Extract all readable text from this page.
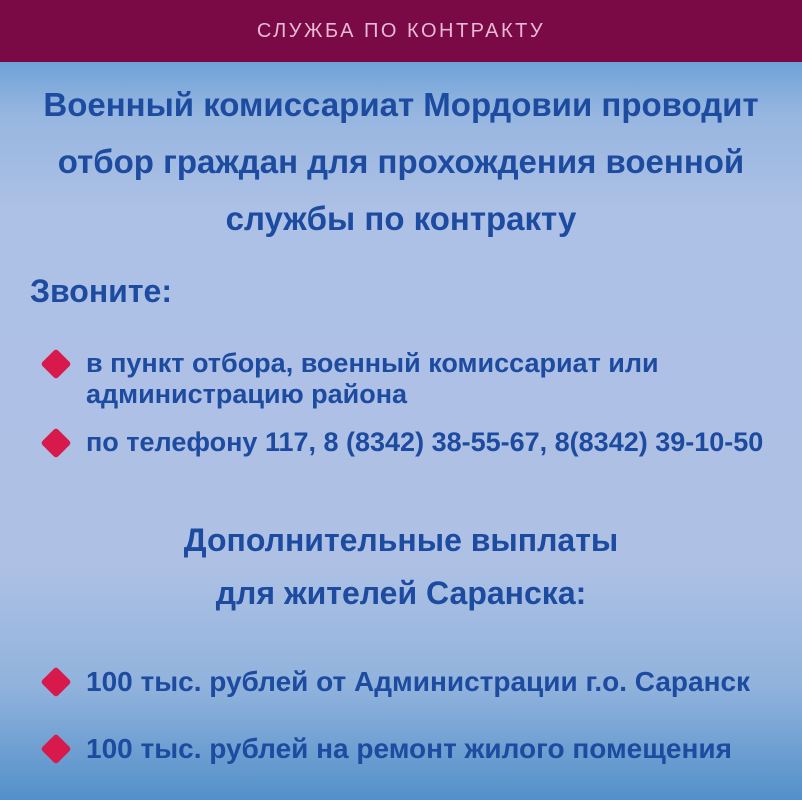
СЛУЖБА ПО КОНТРАКТУ
Военный комиссариат Мордовии проводит
отбор граждан для прохождения военной
службы по контракту
Звоните:
в пункт отбора, военный комиссариат или
администрацию района
по телефону 117, 8 (8342) 38-55-67, 8(8342) 39-10-50
Дополнительные выплаты
для жителей Саранска:
100 тыс. рублей от Администрации г.о. Саранск
100 тыс. рублей на ремонт жилого помещения
